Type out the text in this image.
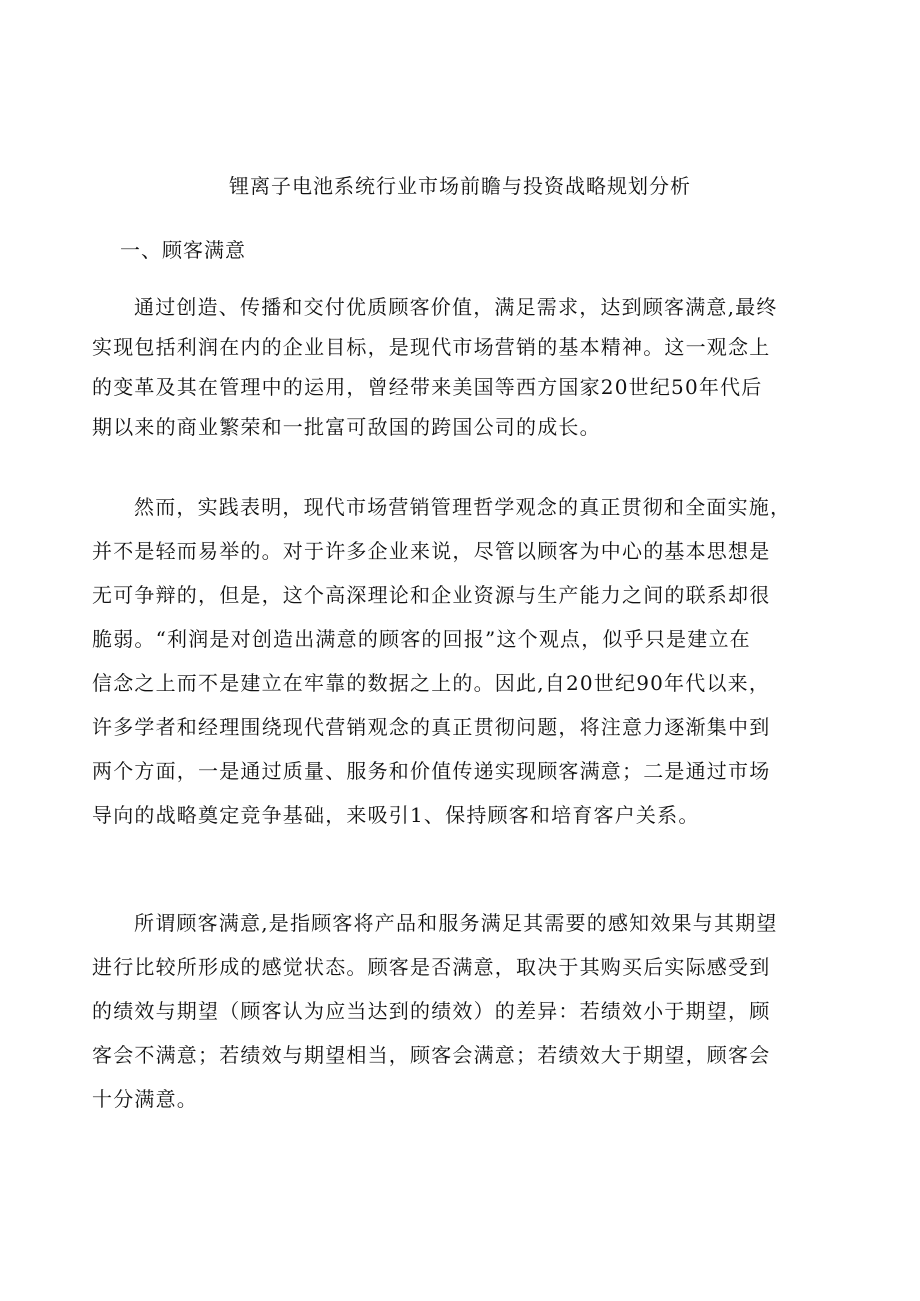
锂离子电池系统行业市场前瞻与投资战略规划分析
一、顾客满意
通过创造、传播和交付优质顾客价值，满足需求，达到顾客满意,最终
实现包括利润在内的企业目标，是现代市场营销的基本精神。这一观念上
的变革及其在管理中的运用，曾经带来美国等西方国家20世纪50年代后
期以来的商业繁荣和一批富可敌国的跨国公司的成长。
然而，实践表明，现代市场营销管理哲学观念的真正贯彻和全面实施，
并不是轻而易举的。对于许多企业来说，尽管以顾客为中心的基本思想是
无可争辩的，但是，这个高深理论和企业资源与生产能力之间的联系却很
脆弱。“利润是对创造出满意的顾客的回报”这个观点，似乎只是建立在
信念之上而不是建立在牢靠的数据之上的。因此,自20世纪90年代以来，
许多学者和经理围绕现代营销观念的真正贯彻问题，将注意力逐渐集中到
两个方面，一是通过质量、服务和价值传递实现顾客满意；二是通过市场
导向的战略奠定竞争基础，来吸引1、保持顾客和培育客户关系。
所谓顾客满意,是指顾客将产品和服务满足其需要的感知效果与其期望
进行比较所形成的感觉状态。顾客是否满意，取决于其购买后实际感受到
的绩效与期望（顾客认为应当达到的绩效）的差异：若绩效小于期望，顾
客会不满意；若绩效与期望相当，顾客会满意；若绩效大于期望，顾客会
十分满意。
